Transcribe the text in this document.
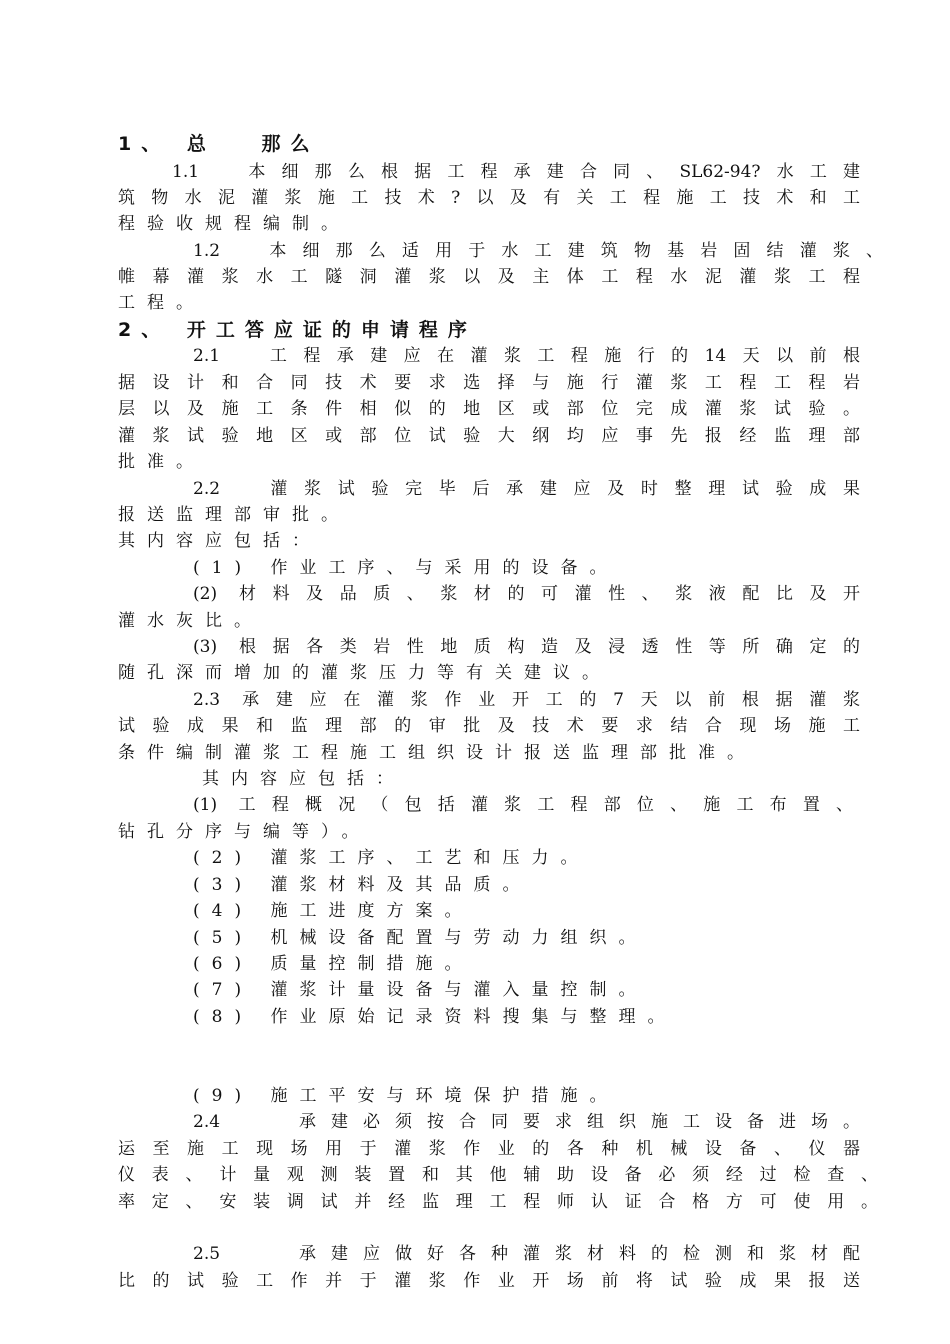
1、 总　 那么
1.1　本细那么根据工程承建合同、SL62-94?水工建
筑物水泥灌浆施工技术?以及有关工程施工技术和工
程验收规程编制。
1.2　本细那么适用于水工建筑物基岩固结灌浆、
帷幕灌浆水工隧洞灌浆以及主体工程水泥灌浆工程
工程。
2、 开工答应证的申请程序
2.1　工程承建应在灌浆工程施行的14天以前根
据设计和合同技术要求选择与施行灌浆工程工程岩
层以及施工条件相似的地区或部位完成灌浆试验。
灌浆试验地区或部位试验大纲均应事先报经监理部
批准。
2.2　灌浆试验完毕后承建应及时整理试验成果
报送监理部审批。
其内容应包括：
(1) 作业工序、与采用的设备。
(2) 材料及品质、浆材的可灌性、浆液配比及开
灌水灰比。
(3) 根据各类岩性地质构造及浸透性等所确定的
随孔深而增加的灌浆压力等有关建议。
2.3 承建应在灌浆作业开工的7天以前根据灌浆
试验成果和监理部的审批及技术要求结合现场施工
条件编制灌浆工程施工组织设计报送监理部批准。
其内容应包括：
(1) 工程概况（包括灌浆工程部位、施工布置、
钻孔分序与编等）。
(2) 灌浆工序、工艺和压力。
(3) 灌浆材料及其品质。
(4) 施工进度方案。
(5) 机械设备配置与劳动力组织。
(6) 质量控制措施。
(7) 灌浆计量设备与灌入量控制。
(8) 作业原始记录资料搜集与整理。
(9) 施工平安与环境保护措施。
2.4　　承建必须按合同要求组织施工设备进场。
运至施工现场用于灌浆作业的各种机械设备、仪器
仪表、计量观测装置和其他辅助设备必须经过检查、
率定、安装调试并经监理工程师认证合格方可使用。
2.5　　承建应做好各种灌浆材料的检测和浆材配
比的试验工作并于灌浆作业开场前将试验成果报送
